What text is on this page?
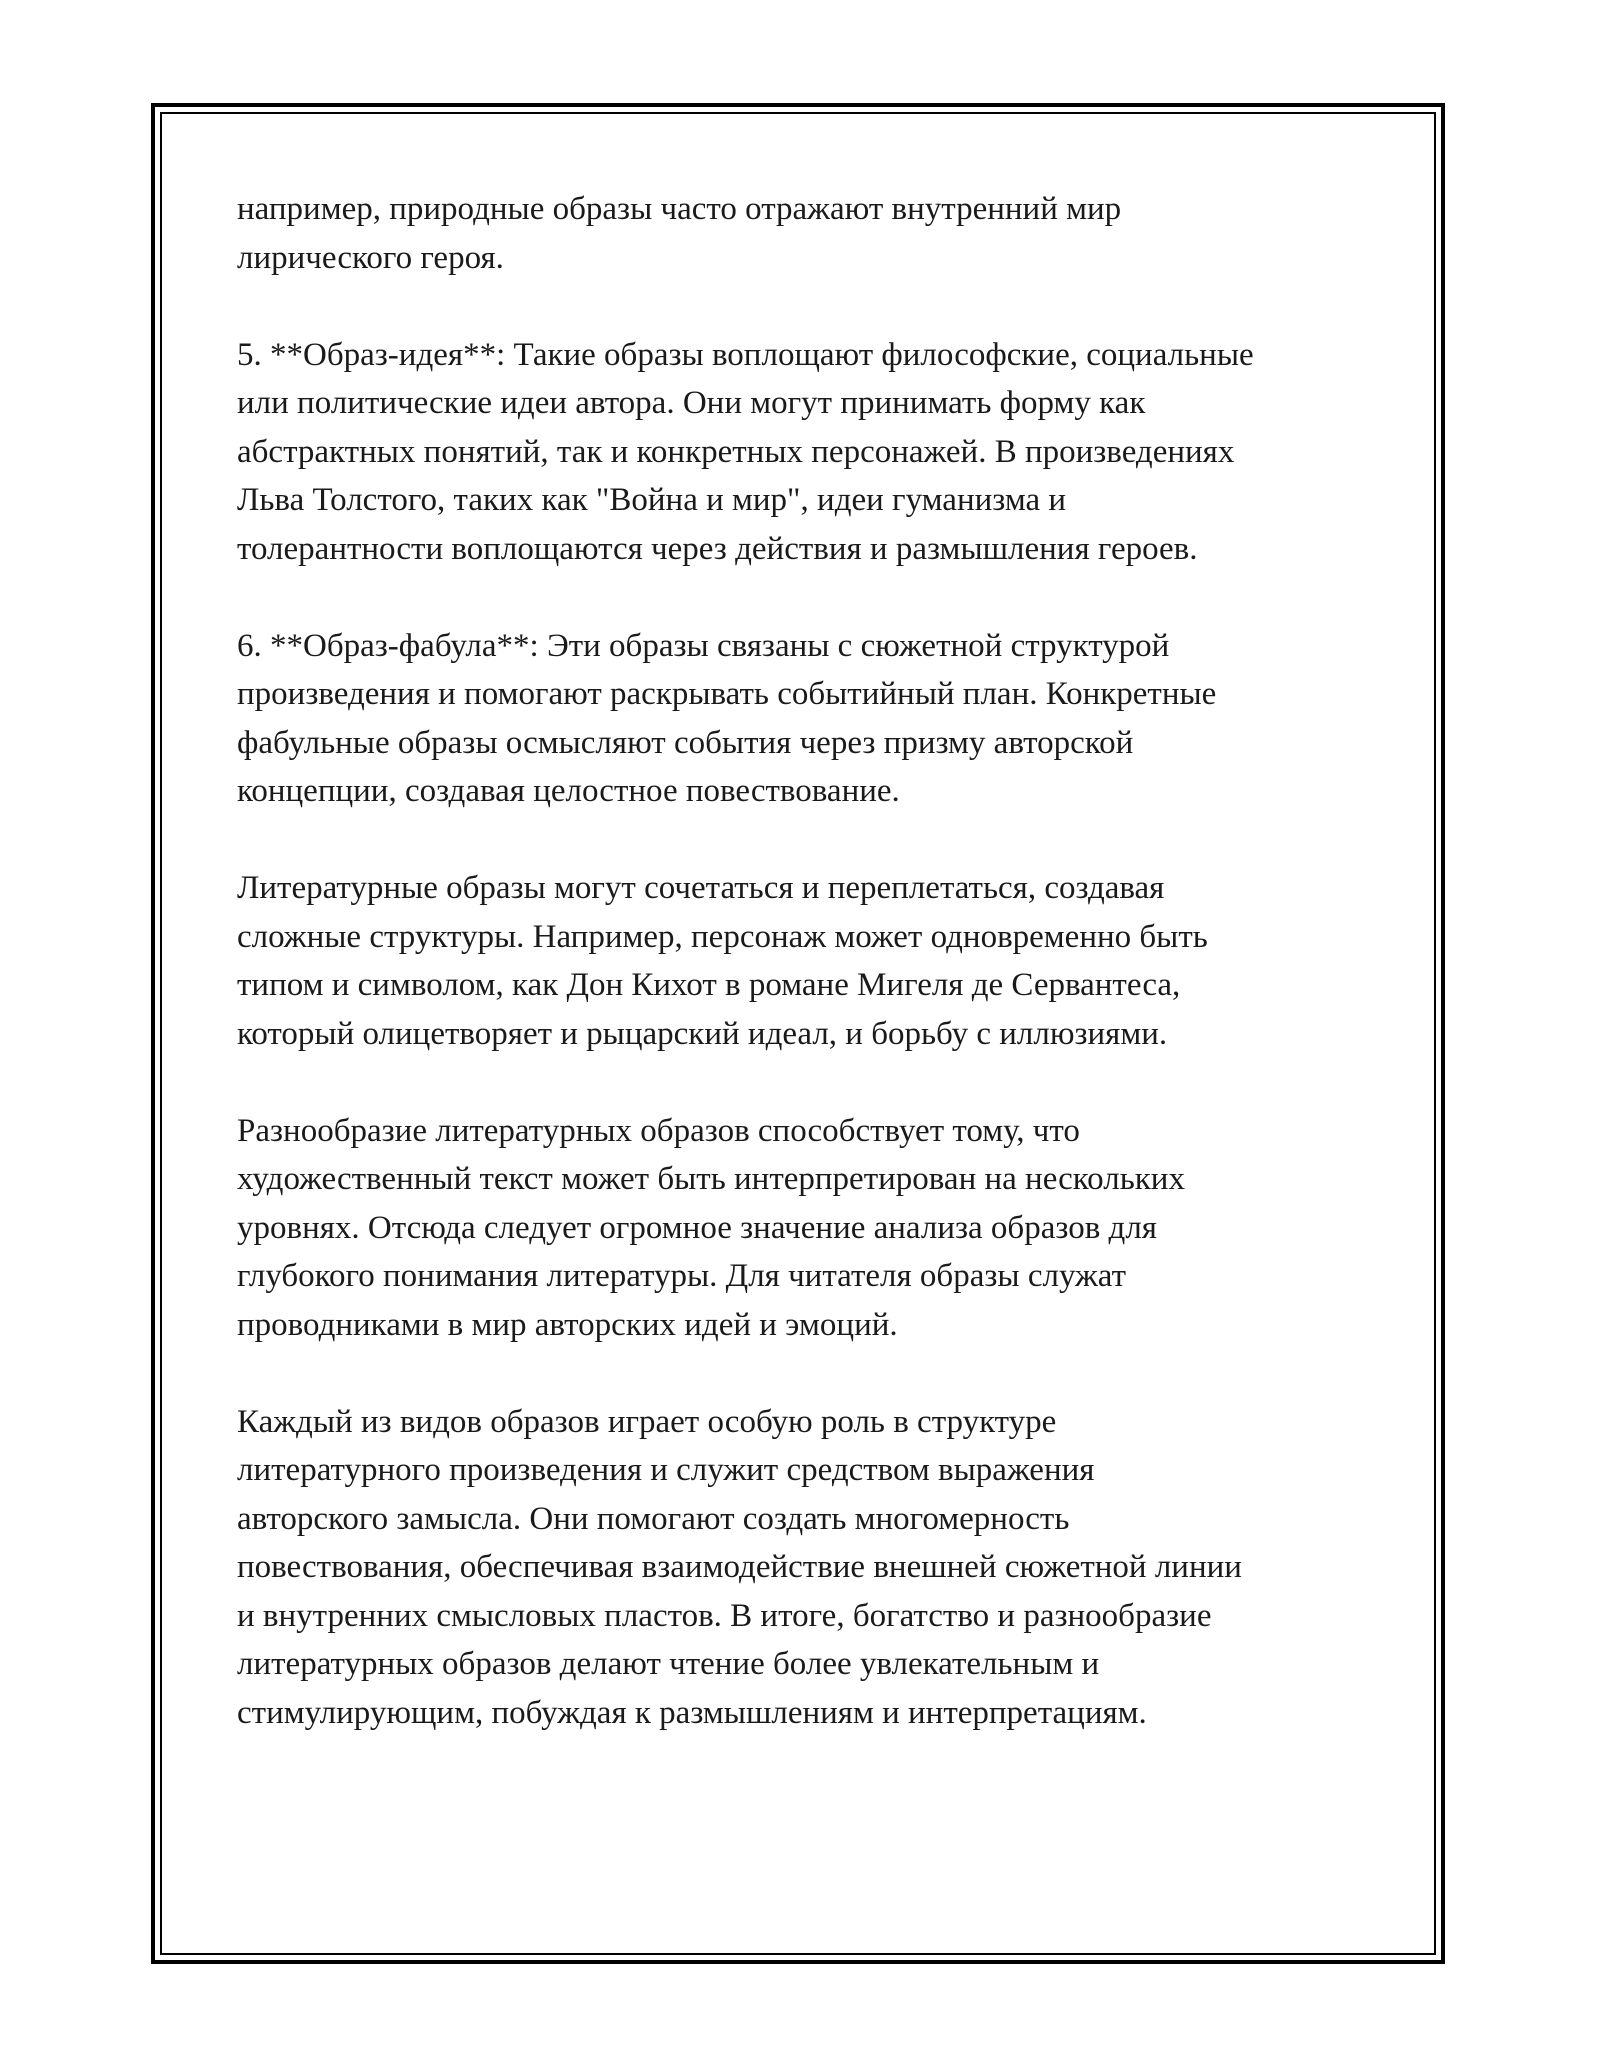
например, природные образы часто отражают внутренний мир
лирического героя.

5. **Образ-идея**: Такие образы воплощают философские, социальные
или политические идеи автора. Они могут принимать форму как
абстрактных понятий, так и конкретных персонажей. В произведениях
Льва Толстого, таких как "Война и мир", идеи гуманизма и
толерантности воплощаются через действия и размышления героев.

6. **Образ-фабула**: Эти образы связаны с сюжетной структурой
произведения и помогают раскрывать событийный план. Конкретные
фабульные образы осмысляют события через призму авторской
концепции, создавая целостное повествование.

Литературные образы могут сочетаться и переплетаться, создавая
сложные структуры. Например, персонаж может одновременно быть
типом и символом, как Дон Кихот в романе Мигеля де Сервантеса,
который олицетворяет и рыцарский идеал, и борьбу с иллюзиями.

Разнообразие литературных образов способствует тому, что
художественный текст может быть интерпретирован на нескольких
уровнях. Отсюда следует огромное значение анализа образов для
глубокого понимания литературы. Для читателя образы служат
проводниками в мир авторских идей и эмоций.

Каждый из видов образов играет особую роль в структуре
литературного произведения и служит средством выражения
авторского замысла. Они помогают создать многомерность
повествования, обеспечивая взаимодействие внешней сюжетной линии
и внутренних смысловых пластов. В итоге, богатство и разнообразие
литературных образов делают чтение более увлекательным и
стимулирующим, побуждая к размышлениям и интерпретациям.
